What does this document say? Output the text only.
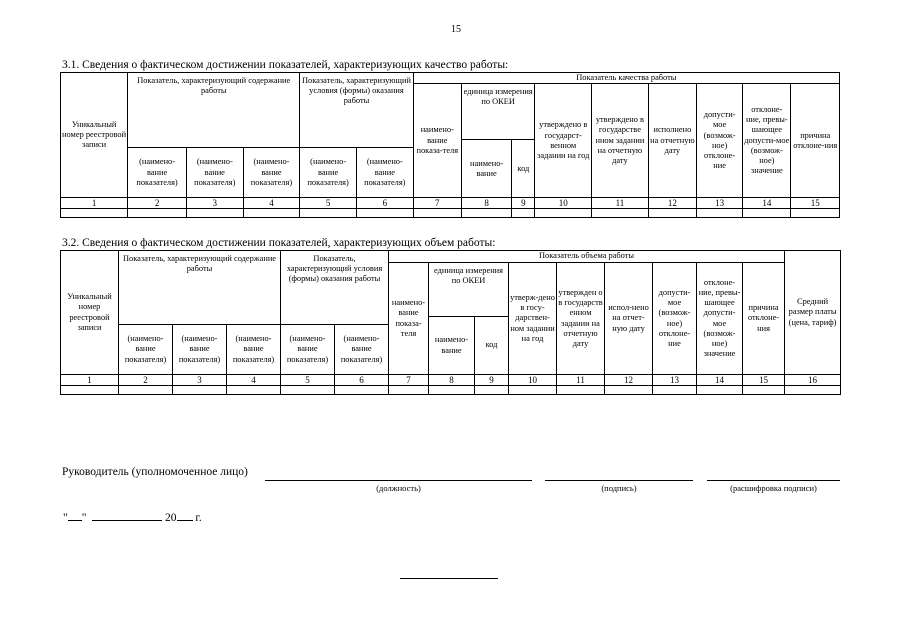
15
3.1. Сведения о фактическом достижении показателей, характеризующих качество работы:
Уникальный номер реестровой записи	Показатель, характеризующий содержание работы			Показатель, характеризующий условия (формы) оказания работы		Показатель качества работы								
						наимено-вание показа-теля	единица измерения по ОКЕИ		утверждено в государст-венном задании на год	утверждено в государстве нном задании на отчетную дату	исполнено на отчетную дату	допусти-мое (возмож-ное) отклоне-ние	отклоне-ние, превы-шающее допусти-мое (возмож-ное) значение	причина отклоне-ния
							наимено-вание	код						
	(наимено-вание показателя)	(наимено-вание показателя)	(наимено-вание показателя)	(наимено-вание показателя)	(наимено-вание показателя)									
1	2	3	4	5	6	7	8	9	10	11	12	13	14	15

3.2. Сведения о фактическом достижении показателей, характеризующих объем работы:
Уникальный номер реестровой записи	Показатель, характеризующий содержание работы			Показатель, характеризующий условия (формы) оказания работы		Показатель объема работы									Средний размер платы (цена, тариф)
						наимено-вание показа-теля	единица измерения по ОКЕИ		утверж-дено в госу-дарствен-ном задании на год	утвержден о в государств енном задании на отчетную дату	испол-нено на отчет-ную дату	допусти-мое (возмож-ное) отклоне-ние	отклоне-ние, превы-шающее допусти-мое (возмож-ное) значение	причина отклоне-ния	
							наимено-вание	код							
	(наимено-вание показателя)	(наимено-вание показателя)	(наимено-вание показателя)	(наимено-вание показателя)	(наимено-вание показателя)										
1	2	3	4	5	6	7	8	9	10	11	12	13	14	15	16

Руководитель (уполномоченное лицо)
(должность)	(подпись)	(расшифровка подписи)
" "	20 г.
